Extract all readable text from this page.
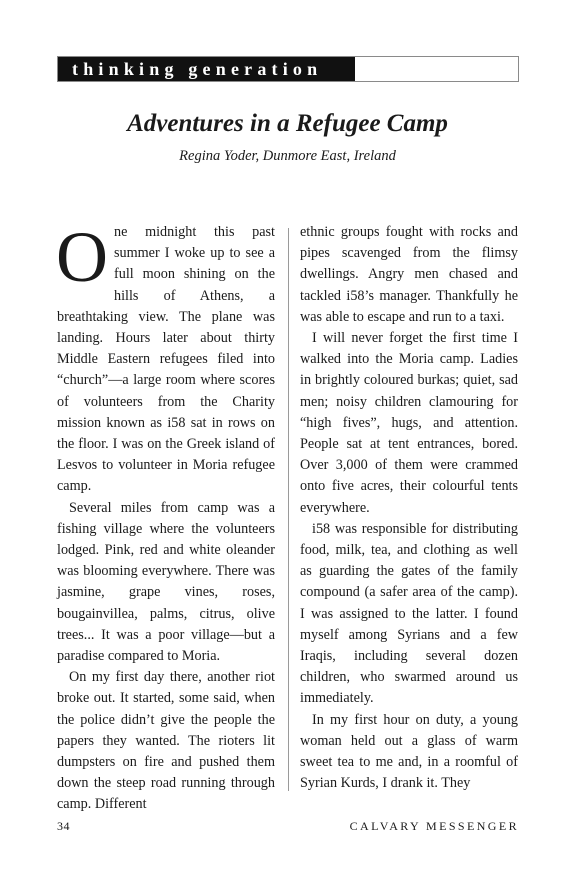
thinking generation
Adventures in a Refugee Camp
Regina Yoder, Dunmore East, Ireland

One midnight this past summer I woke up to see a full moon shining on the hills of Athens, a breathtaking view. The plane was landing. Hours later about thirty Middle Eastern refugees filed into “church”—a large room where scores of volunteers from the Charity mission known as i58 sat in rows on the floor. I was on the Greek island of Lesvos to volunteer in Moria refugee camp.

Several miles from camp was a fishing village where the volunteers lodged. Pink, red and white oleander was blooming everywhere. There was jasmine, grape vines, roses, bougainvillea, palms, citrus, olive trees... It was a poor village—but a paradise compared to Moria.

On my first day there, another riot broke out. It started, some said, when the police didn’t give the people the papers they wanted. The rioters lit dumpsters on fire and pushed them down the steep road running through camp. Different

ethnic groups fought with rocks and pipes scavenged from the flimsy dwellings. Angry men chased and tackled i58’s manager. Thankfully he was able to escape and run to a taxi.

I will never forget the first time I walked into the Moria camp. Ladies in brightly coloured burkas; quiet, sad men; noisy children clamouring for “high fives”, hugs, and attention. People sat at tent entrances, bored. Over 3,000 of them were crammed onto five acres, their colourful tents everywhere.

i58 was responsible for distributing food, milk, tea, and clothing as well as guarding the gates of the family compound (a safer area of the camp). I was assigned to the latter. I found myself among Syrians and a few Iraqis, including several dozen children, who swarmed around us immediately.

In my first hour on duty, a young woman held out a glass of warm sweet tea to me and, in a roomful of Syrian Kurds, I drank it. They

34	CALVARY MESSENGER
